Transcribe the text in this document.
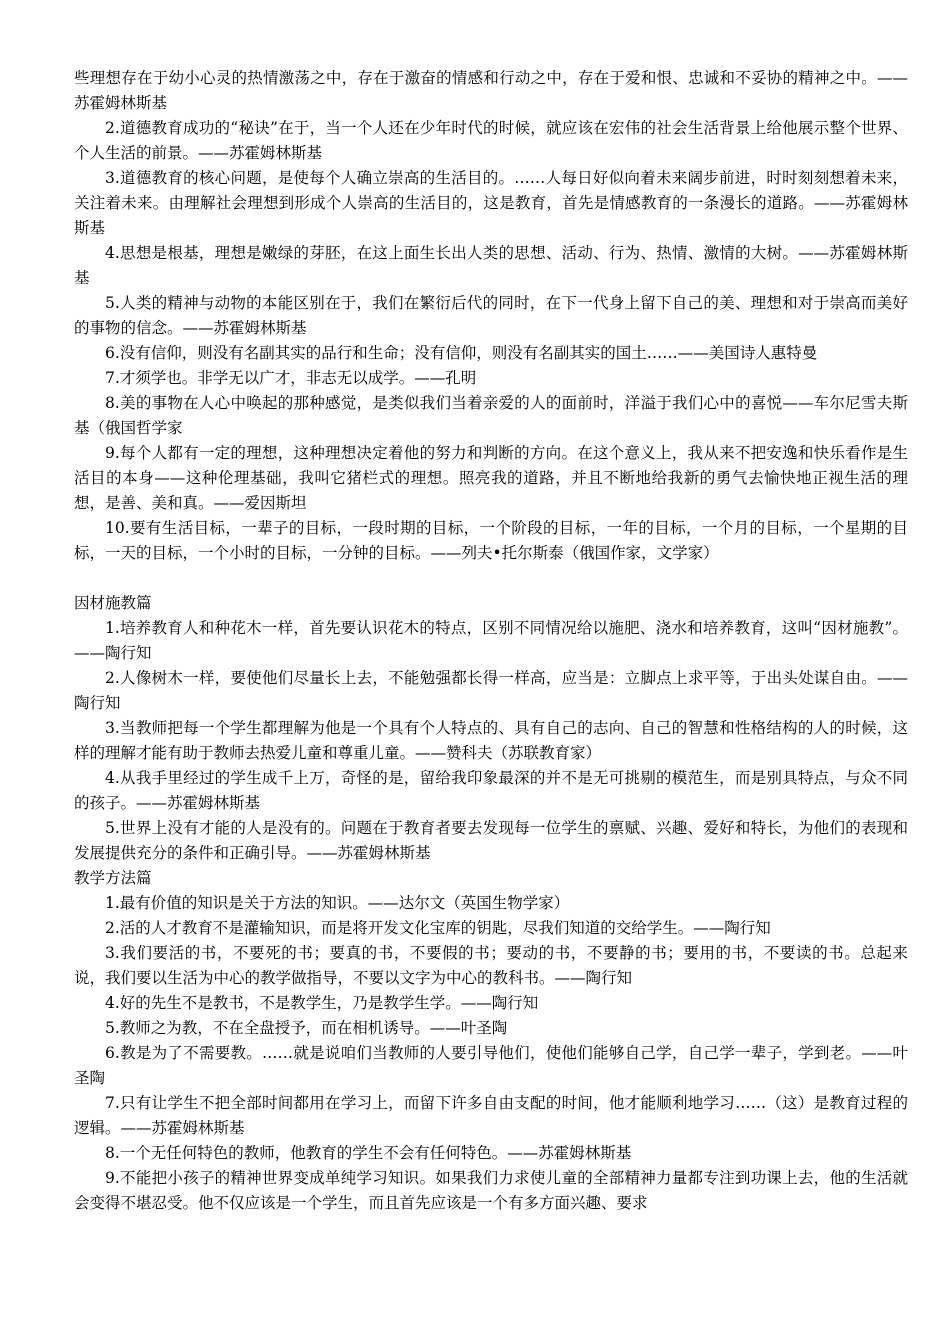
些理想存在于幼小心灵的热情激荡之中，存在于激奋的情感和行动之中，存在于爱和恨、忠诚和不妥协的精神之中。——苏霍姆林斯基

2.道德教育成功的“秘诀”在于，当一个人还在少年时代的时候，就应该在宏伟的社会生活背景上给他展示整个世界、个人生活的前景。——苏霍姆林斯基

3.道德教育的核心问题，是使每个人确立崇高的生活目的。……人每日好似向着未来阔步前进，时时刻刻想着未来，关注着未来。由理解社会理想到形成个人崇高的生活目的，这是教育，首先是情感教育的一条漫长的道路。——苏霍姆林斯基

4.思想是根基，理想是嫩绿的芽胚，在这上面生长出人类的思想、活动、行为、热情、激情的大树。——苏霍姆林斯基

5.人类的精神与动物的本能区别在于，我们在繁衍后代的同时，在下一代身上留下自己的美、理想和对于崇高而美好的事物的信念。——苏霍姆林斯基

6.没有信仰，则没有名副其实的品行和生命；没有信仰，则没有名副其实的国土……——美国诗人惠特曼

7.才须学也。非学无以广才，非志无以成学。——孔明

8.美的事物在人心中唤起的那种感觉，是类似我们当着亲爱的人的面前时，洋溢于我们心中的喜悦——车尔尼雪夫斯基（俄国哲学家

9.每个人都有一定的理想，这种理想决定着他的努力和判断的方向。在这个意义上，我从来不把安逸和快乐看作是生活目的本身——这种伦理基础，我叫它猪栏式的理想。照亮我的道路，并且不断地给我新的勇气去愉快地正视生活的理想，是善、美和真。——爱因斯坦

10.要有生活目标，一辈子的目标，一段时期的目标，一个阶段的目标，一年的目标，一个月的目标，一个星期的目标，一天的目标，一个小时的目标，一分钟的目标。——列夫•托尔斯泰（俄国作家，文学家）

因材施教篇

1.培养教育人和种花木一样，首先要认识花木的特点，区别不同情况给以施肥、浇水和培养教育，这叫“因材施教”。——陶行知

2.人像树木一样，要使他们尽量长上去，不能勉强都长得一样高，应当是：立脚点上求平等，于出头处谋自由。——陶行知

3.当教师把每一个学生都理解为他是一个具有个人特点的、具有自己的志向、自己的智慧和性格结构的人的时候，这样的理解才能有助于教师去热爱儿童和尊重儿童。——赞科夫（苏联教育家）

4.从我手里经过的学生成千上万，奇怪的是，留给我印象最深的并不是无可挑剔的模范生，而是别具特点，与众不同的孩子。——苏霍姆林斯基

5.世界上没有才能的人是没有的。问题在于教育者要去发现每一位学生的禀赋、兴趣、爱好和特长，为他们的表现和发展提供充分的条件和正确引导。——苏霍姆林斯基

教学方法篇

1.最有价值的知识是关于方法的知识。——达尔文（英国生物学家）

2.活的人才教育不是灌输知识，而是将开发文化宝库的钥匙，尽我们知道的交给学生。——陶行知

3.我们要活的书，不要死的书；要真的书，不要假的书；要动的书，不要静的书；要用的书，不要读的书。总起来说，我们要以生活为中心的教学做指导，不要以文字为中心的教科书。——陶行知

4.好的先生不是教书，不是教学生，乃是教学生学。——陶行知

5.教师之为教，不在全盘授予，而在相机诱导。——叶圣陶

6.教是为了不需要教。……就是说咱们当教师的人要引导他们，使他们能够自己学，自己学一辈子，学到老。——叶圣陶

7.只有让学生不把全部时间都用在学习上，而留下许多自由支配的时间，他才能顺利地学习……（这）是教育过程的逻辑。——苏霍姆林斯基

8.一个无任何特色的教师，他教育的学生不会有任何特色。——苏霍姆林斯基

9.不能把小孩子的精神世界变成单纯学习知识。如果我们力求使儿童的全部精神力量都专注到功课上去，他的生活就会变得不堪忍受。他不仅应该是一个学生，而且首先应该是一个有多方面兴趣、要求
